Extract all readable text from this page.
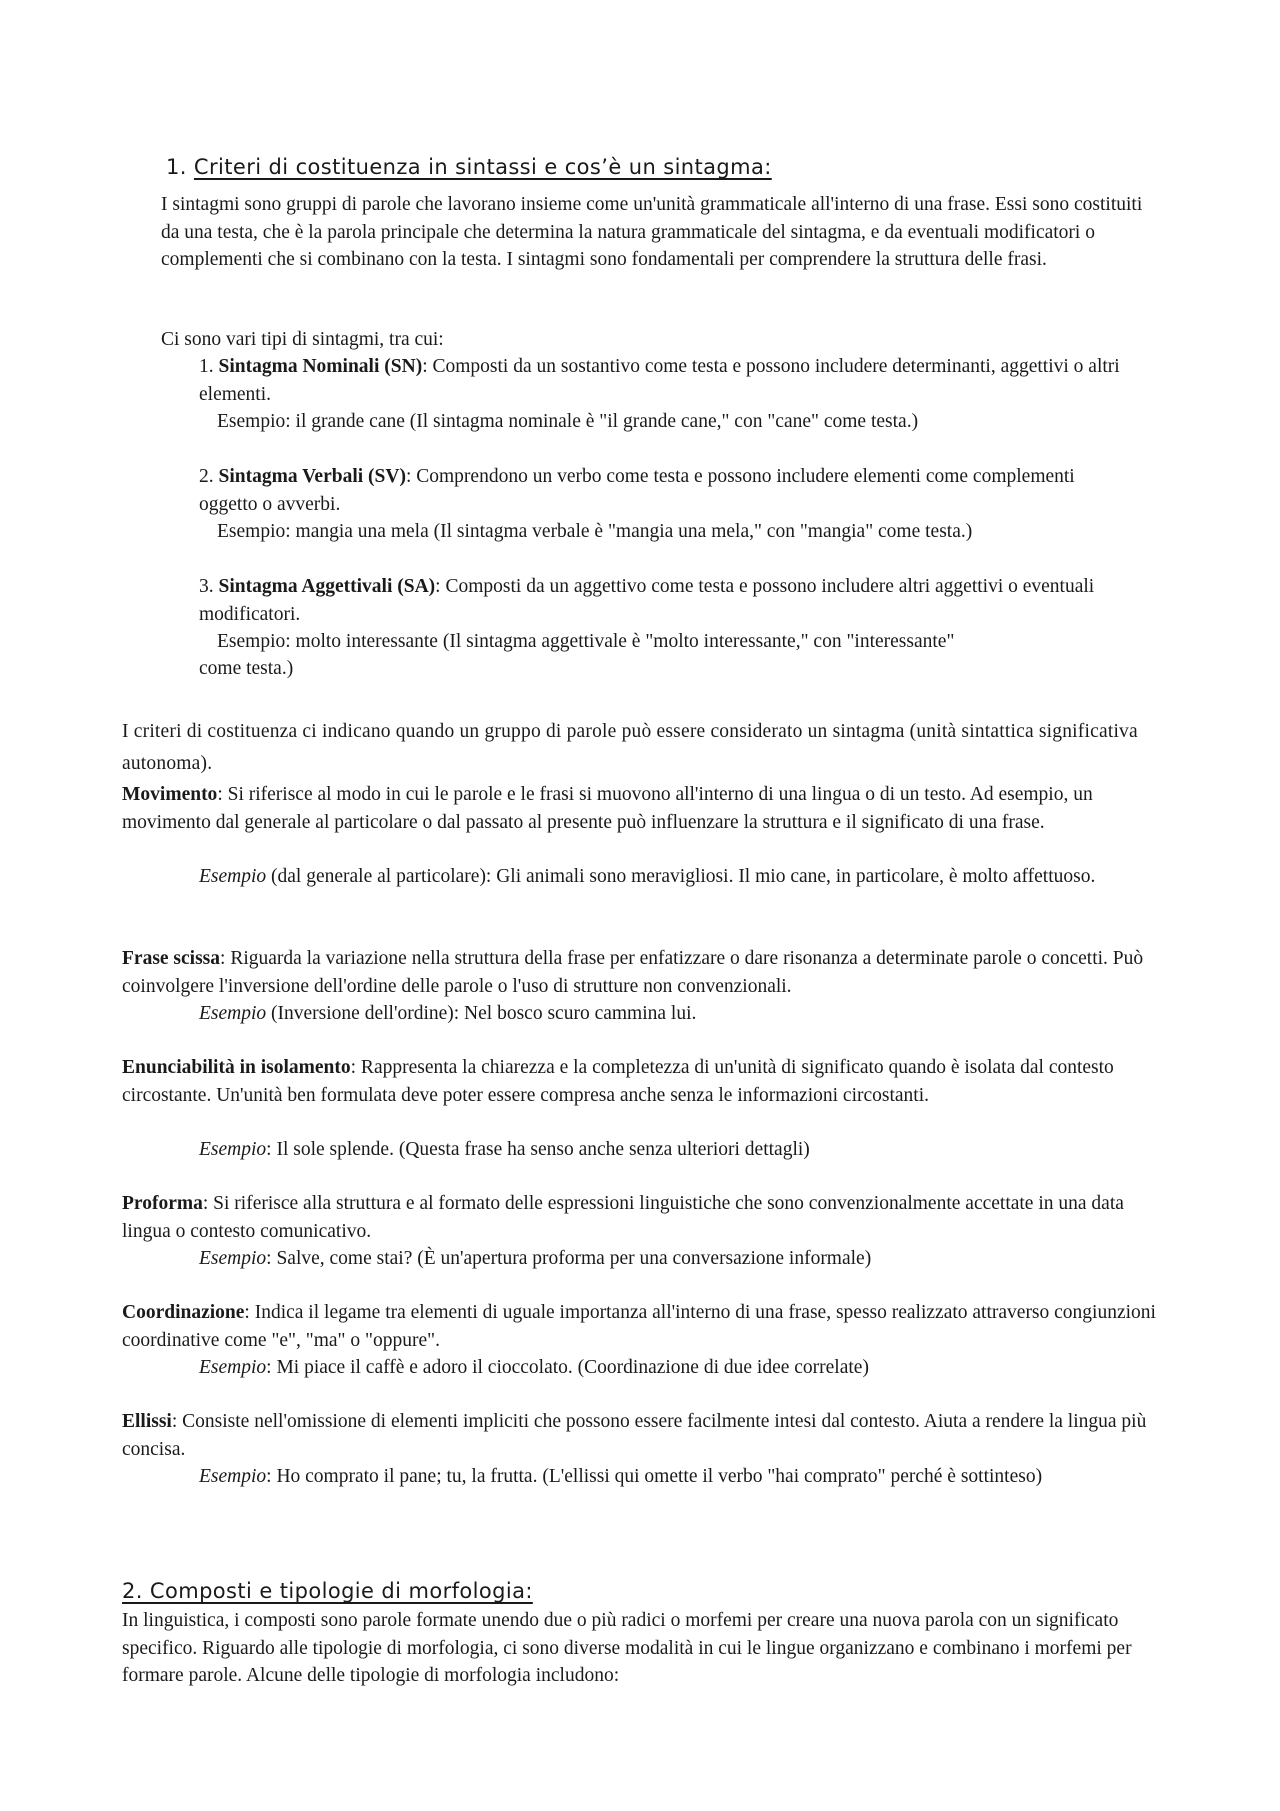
1. Criteri di costituenza in sintassi e cos’è un sintagma:

I sintagmi sono gruppi di parole che lavorano insieme come un'unità grammaticale all'interno di una frase. Essi sono costituiti da una testa, che è la parola principale che determina la natura grammaticale del sintagma, e da eventuali modificatori o complementi che si combinano con la testa. I sintagmi sono fondamentali per comprendere la struttura delle frasi.

Ci sono vari tipi di sintagmi, tra cui:

1. Sintagma Nominali (SN): Composti da un sostantivo come testa e possono includere determinanti, aggettivi o altri elementi.
Esempio: il grande cane (Il sintagma nominale è "il grande cane," con "cane" come testa.)
2. Sintagma Verbali (SV): Comprendono un verbo come testa e possono includere elementi come complementi oggetto o avverbi.
Esempio: mangia una mela (Il sintagma verbale è "mangia una mela," con "mangia" come testa.)
3. Sintagma Aggettivali (SA): Composti da un aggettivo come testa e possono includere altri aggettivi o eventuali modificatori.
Esempio: molto interessante (Il sintagma aggettivale è "molto interessante," con "interessante"
come testa.)
I criteri di costituenza ci indicano quando un gruppo di parole può essere considerato un sintagma (unità sintattica significativa autonoma).
Movimento: Si riferisce al modo in cui le parole e le frasi si muovono all'interno di una lingua o di un testo. Ad esempio, un movimento dal generale al particolare o dal passato al presente può influenzare la struttura e il significato di una frase.
Esempio (dal generale al particolare): Gli animali sono meravigliosi. Il mio cane, in particolare, è molto affettuoso.
Frase scissa: Riguarda la variazione nella struttura della frase per enfatizzare o dare risonanza a determinate parole o concetti. Può coinvolgere l'inversione dell'ordine delle parole o l'uso di strutture non convenzionali.
Esempio (Inversione dell'ordine): Nel bosco scuro cammina lui.
Enunciabilità in isolamento: Rappresenta la chiarezza e la completezza di un'unità di significato quando è isolata dal contesto circostante. Un'unità ben formulata deve poter essere compresa anche senza le informazioni circostanti.
Esempio: Il sole splende. (Questa frase ha senso anche senza ulteriori dettagli)
Proforma: Si riferisce alla struttura e al formato delle espressioni linguistiche che sono convenzionalmente accettate in una data lingua o contesto comunicativo.
Esempio: Salve, come stai? (È un'apertura proforma per una conversazione informale)
Coordinazione: Indica il legame tra elementi di uguale importanza all'interno di una frase, spesso realizzato attraverso congiunzioni coordinative come "e", "ma" o "oppure".
Esempio: Mi piace il caffè e adoro il cioccolato. (Coordinazione di due idee correlate)
Ellissi: Consiste nell'omissione di elementi impliciti che possono essere facilmente intesi dal contesto. Aiuta a rendere la lingua più concisa.
Esempio: Ho comprato il pane; tu, la frutta. (L'ellissi qui omette il verbo "hai comprato" perché è sottinteso)
2. Composti e tipologie di morfologia:
In linguistica, i composti sono parole formate unendo due o più radici o morfemi per creare una nuova parola con un significato specifico. Riguardo alle tipologie di morfologia, ci sono diverse modalità in cui le lingue organizzano e combinano i morfemi per formare parole. Alcune delle tipologie di morfologia includono:
